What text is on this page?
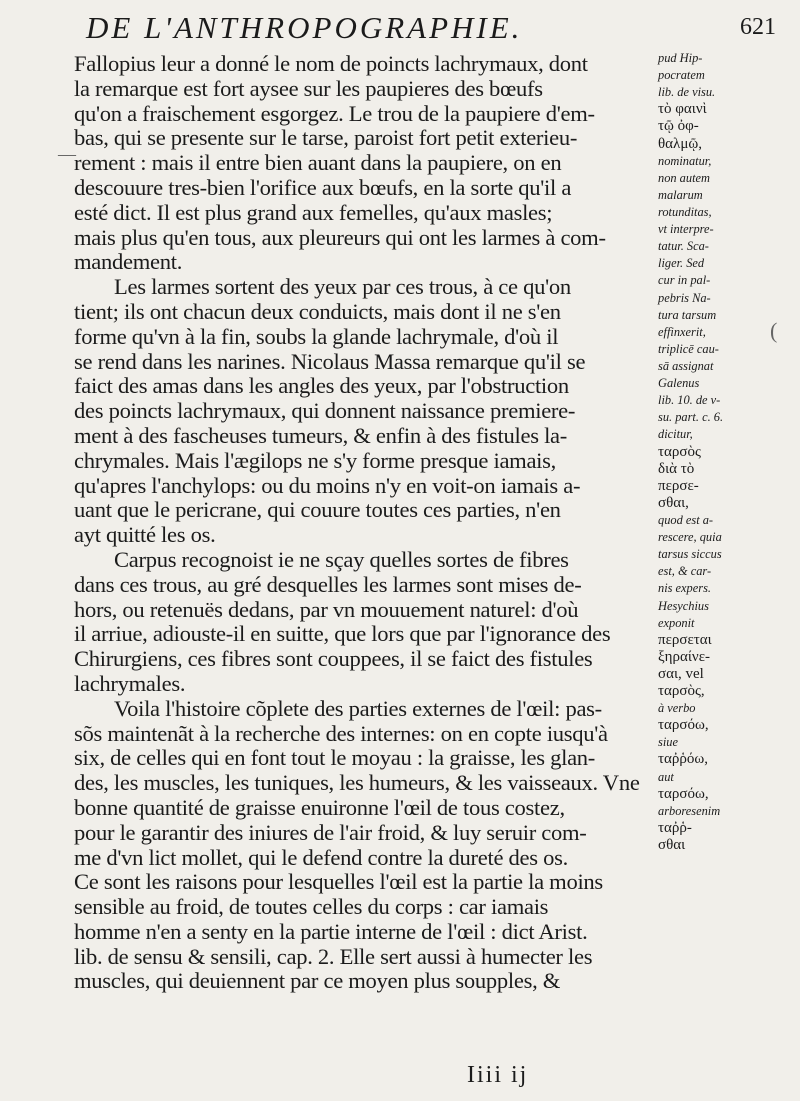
DE L'ANTHROPOGRAPHIE.	621
—
(
Fallopius leur a donné le nom de poincts lachrymaux, dont
la remarque est fort aysee sur les paupieres des bœufs
qu'on a fraischement esgorgez. Le trou de la paupiere d'em-
bas, qui se presente sur le tarse, paroist fort petit exterieu-
rement : mais il entre bien auant dans la paupiere, on en
descouure tres-bien l'orifice aux bœufs, en la sorte qu'il a
esté dict. Il est plus grand aux femelles, qu'aux masles;
mais plus qu'en tous, aux pleureurs qui ont les larmes à com-
mandement.
Les larmes sortent des yeux par ces trous, à ce qu'on
tient; ils ont chacun deux conduicts, mais dont il ne s'en
forme qu'vn à la fin, soubs la glande lachrymale, d'où il
se rend dans les narines. Nicolaus Massa remarque qu'il se
faict des amas dans les angles des yeux, par l'obstruction
des poincts lachrymaux, qui donnent naissance premiere-
ment à des fascheuses tumeurs, & enfin à des fistules la-
chrymales. Mais l'ægilops ne s'y forme presque iamais,
qu'apres l'anchylops: ou du moins n'y en voit-on iamais a-
uant que le pericrane, qui couure toutes ces parties, n'en
ayt quitté les os.
Carpus recognoist ie ne sçay quelles sortes de fibres
dans ces trous, au gré desquelles les larmes sont mises de-
hors, ou retenuës dedans, par vn mouuement naturel: d'où
il arriue, adiouste-il en suitte, que lors que par l'ignorance des
Chirurgiens, ces fibres sont couppees, il se faict des fistules
lachrymales.
Voila l'histoire cõplete des parties externes de l'œil: pas-
sõs maintenãt à la recherche des internes: on en copte iusqu'à
six, de celles qui en font tout le moyau : la graisse, les glan-
des, les muscles, les tuniques, les humeurs, & les vaisseaux. Vne
bonne quantité de graisse enuironne l'œil de tous costez,
pour le garantir des iniures de l'air froid, & luy seruir com-
me d'vn lict mollet, qui le defend contre la dureté des os.
Ce sont les raisons pour lesquelles l'œil est la partie la moins
sensible au froid, de toutes celles du corps : car iamais
homme n'en a senty en la partie interne de l'œil : dict Arist.
lib. de sensu & sensili, cap. 2. Elle sert aussi à humecter les
muscles, qui deuiennent par ce moyen plus soupples, &
pud Hip-
pocratem
lib. de visu.
τὸ φαινὶ
τῷ ὀφ-
θαλμῷ,
nominatur,
non autem
malarum
rotunditas,
vt interpre-
tatur. Sca-
liger. Sed
cur in pal-
pebris Na-
tura tarsum
effinxerit,
triplicē cau-
sā assignat
Galenus
lib. 10. de v-
su. part. c. 6.
dicitur,
ταρσὸς
διὰ τὸ
περσε-
σθαι,
quod est a-
rescere, quia
tarsus siccus
est, & car-
nis expers.
Hesychius
exponit
περσεται
ξηραίνε-
σαι, vel
ταρσὸς,
à verbo
ταρσόω,
siue
ταῤῥόω,
aut
ταρσόω,
arboresenim
ταῤῥ-
σθαι
Iiii ij
